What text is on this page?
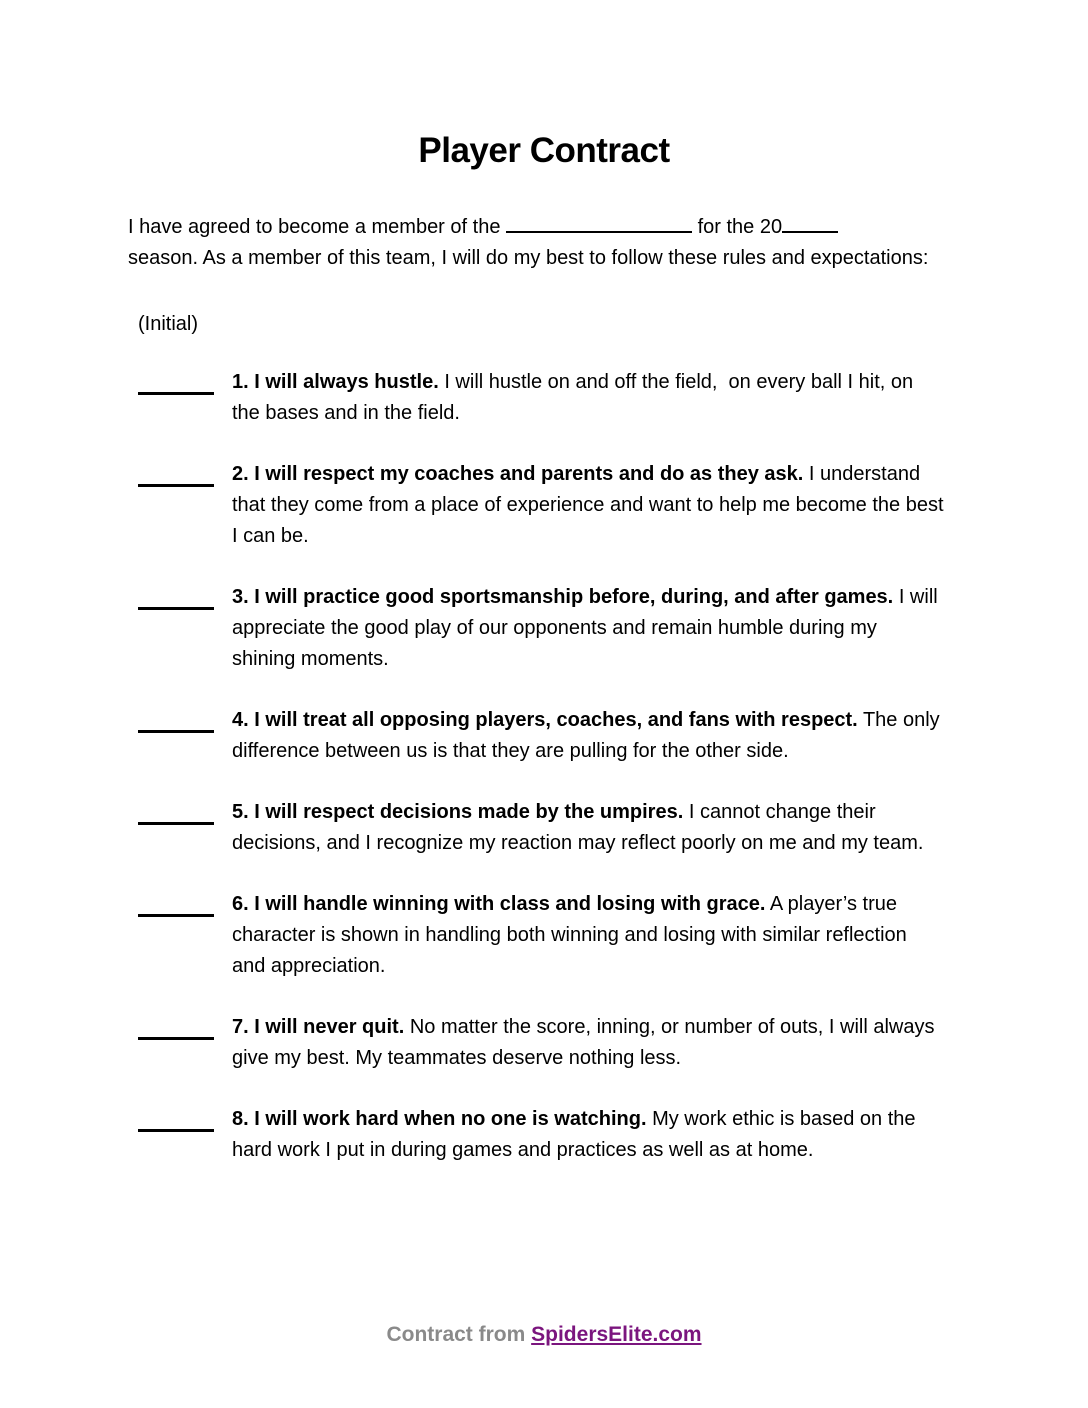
Player Contract

I have agreed to become a member of the	for the 20
season. As a member of this team, I will do my best to follow these rules and expectations:

(Initial)
1. I will always hustle. I will hustle on and off the field,  on every ball I hit, on the bases and in the field.
2. I will respect my coaches and parents and do as they ask. I understand that they come from a place of experience and want to help me become the best I can be.
3. I will practice good sportsmanship before, during, and after games. I will appreciate the good play of our opponents and remain humble during my shining moments.
4. I will treat all opposing players, coaches, and fans with respect. The only difference between us is that they are pulling for the other side.
5. I will respect decisions made by the umpires. I cannot change their decisions, and I recognize my reaction may reflect poorly on me and my team.
6. I will handle winning with class and losing with grace. A player’s true character is shown in handling both winning and losing with similar reflection and appreciation.
7. I will never quit. No matter the score, inning, or number of outs, I will always give my best. My teammates deserve nothing less.
8. I will work hard when no one is watching. My work ethic is based on the hard work I put in during games and practices as well as at home.
Contract from SpidersElite.com
